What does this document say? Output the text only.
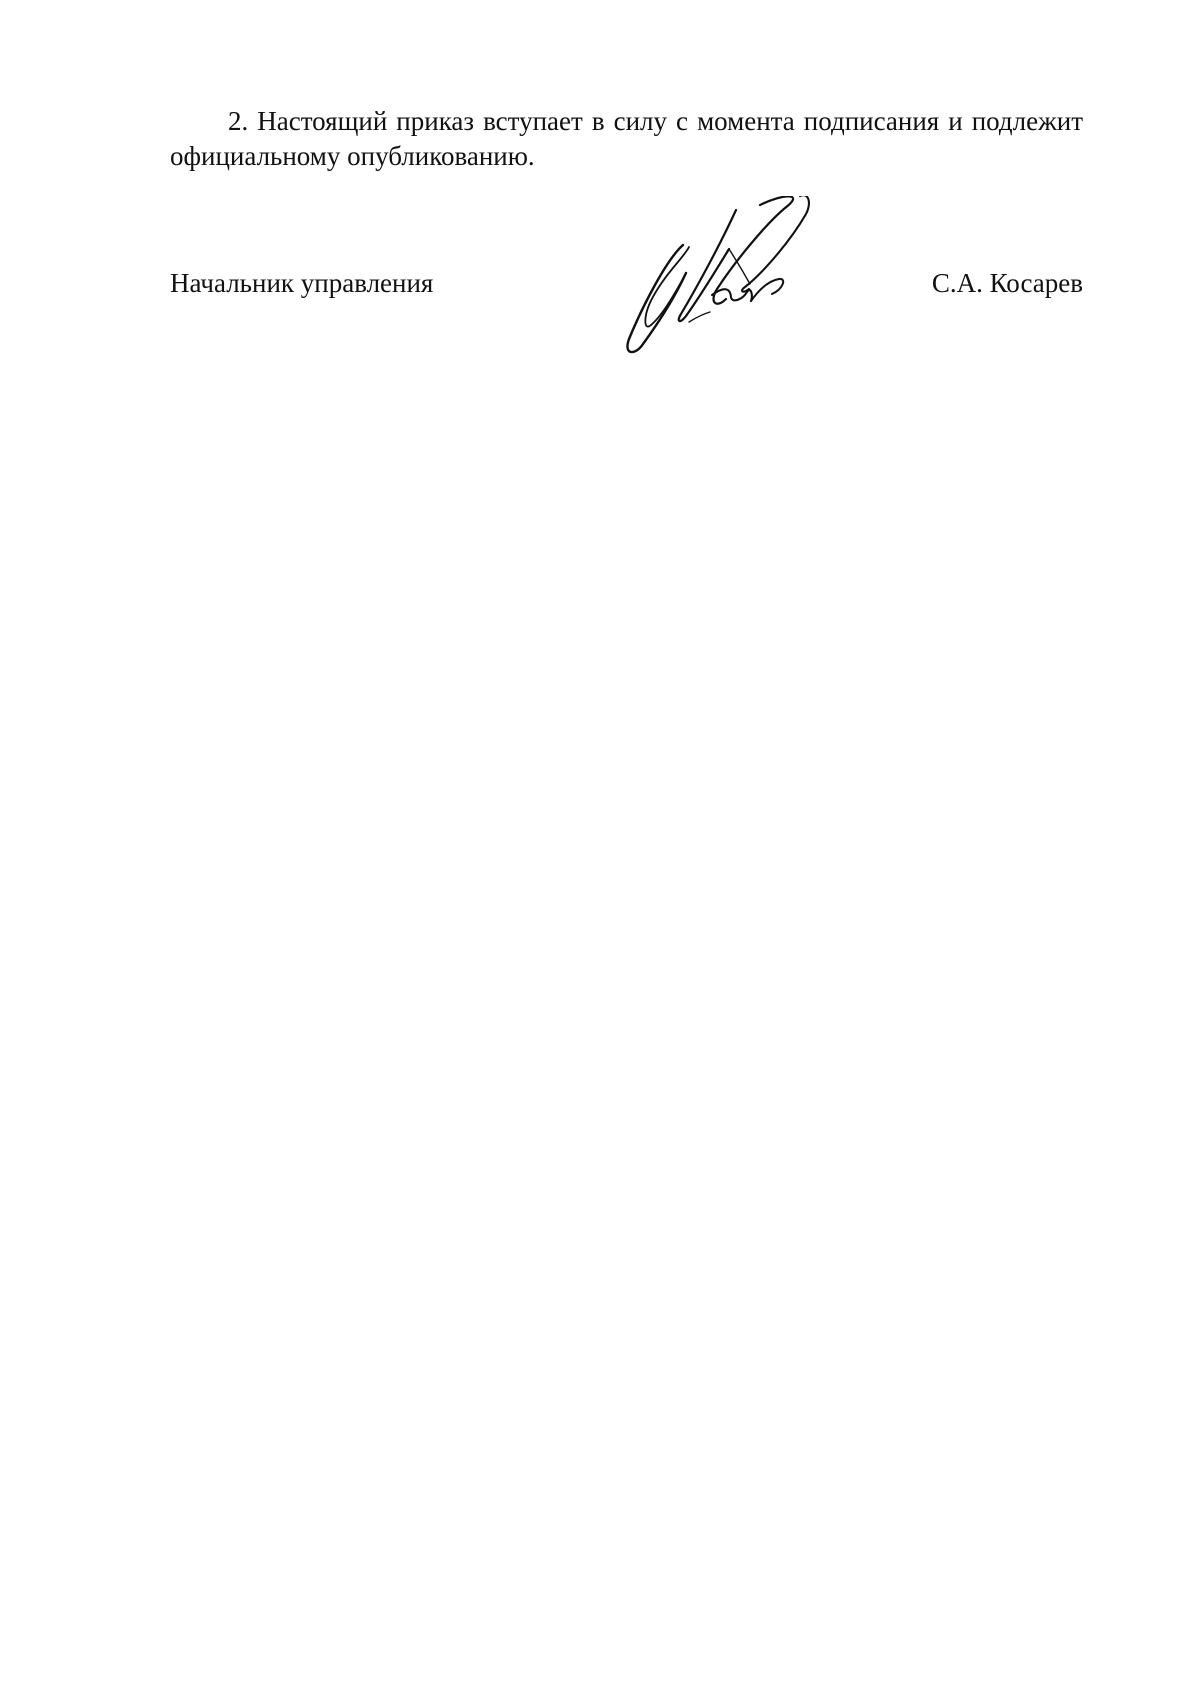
2. Настоящий приказ вступает в силу с момента подписания и подлежит официальному опубликованию.

Начальник управления	С.А. Косарев
